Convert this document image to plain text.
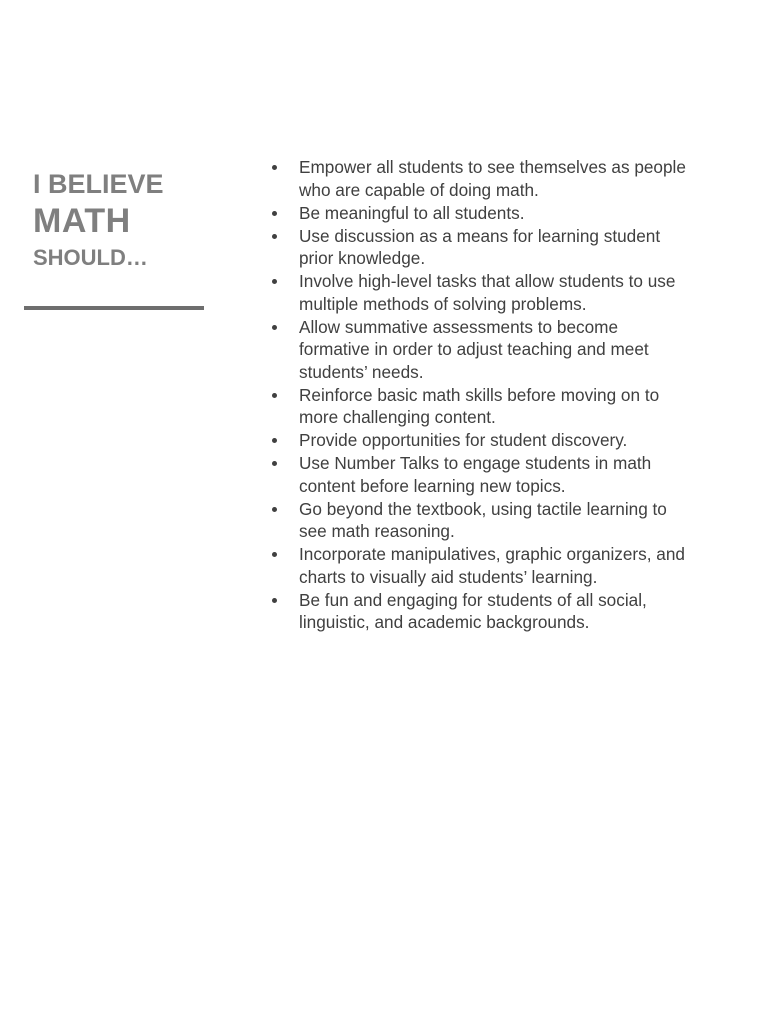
I BELIEVE
MATH
SHOULD…
Empower all students to see themselves as people who are capable of doing math.
Be meaningful to all students.
Use discussion as a means for learning student prior knowledge.
Involve high-level tasks that allow students to use multiple methods of solving problems.
Allow summative assessments to become formative in order to adjust teaching and meet students’ needs.
Reinforce basic math skills before moving on to more challenging content.
Provide opportunities for student discovery.
Use Number Talks to engage students in math content before learning new topics.
Go beyond the textbook, using tactile learning to see math reasoning.
Incorporate manipulatives, graphic organizers, and charts to visually aid students’ learning.
Be fun and engaging for students of all social, linguistic, and academic backgrounds.
